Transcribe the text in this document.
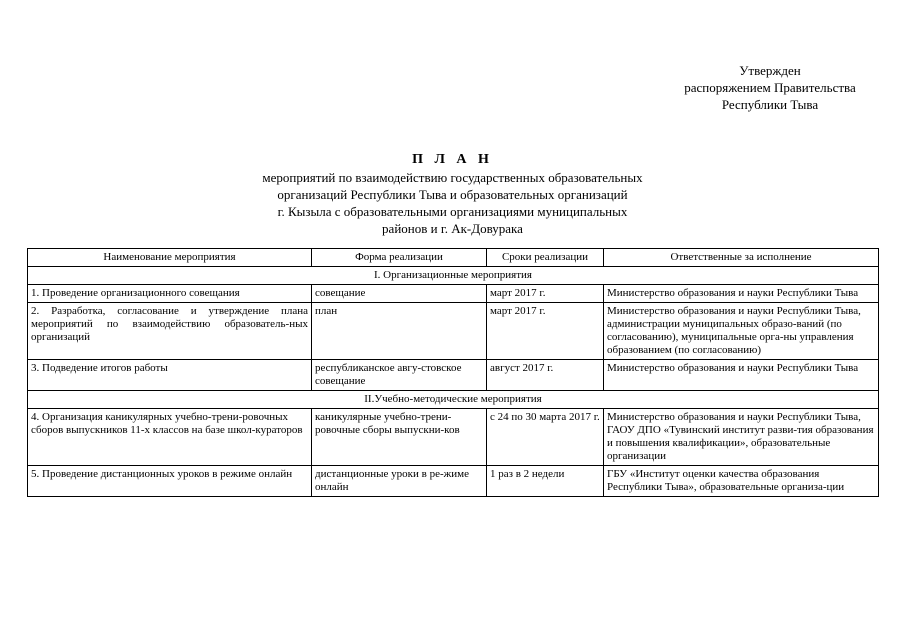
Утвержден
распоряжением Правительства
Республики Тыва
П Л А Н
мероприятий по взаимодействию государственных образовательных
организаций Республики Тыва и образовательных организаций
г. Кызыла с образовательными организациями муниципальных
районов и г. Ак-Довурака
Наименование мероприятия	Форма реализации	Сроки реализации	Ответственные за исполнение
I. Организационные мероприятия			
1. Проведение организационного совещания	совещание	март 2017 г.	Министерство образования и науки Республики Тыва
2. Разработка, согласование и утверждение плана мероприятий по взаимодействию образователь-ных организаций	план	март 2017 г.	Министерство образования и науки Республики Тыва, администрации муниципальных образо-ваний (по согласованию), муниципальные орга-ны управления образованием (по согласованию)
3. Подведение итогов работы	республиканское авгу-стовское совещание	август 2017 г.	Министерство образования и науки Республики Тыва
II.Учебно-методические мероприятия			
4. Организация каникулярных учебно-трени-ровочных сборов выпускников 11-х классов на базе школ-кураторов	каникулярные учебно-трени-ровочные сборы выпускни-ков	с 24 по 30 марта 2017 г.	Министерство образования и науки Республики Тыва, ГАОУ ДПО «Тувинский институт разви-тия образования и повышения квалификации», образовательные организации
5. Проведение дистанционных уроков в режиме онлайн	дистанционные уроки в ре-жиме онлайн	1 раз в 2 недели	ГБУ «Институт оценки качества образования Республики Тыва», образовательные организа-ции
